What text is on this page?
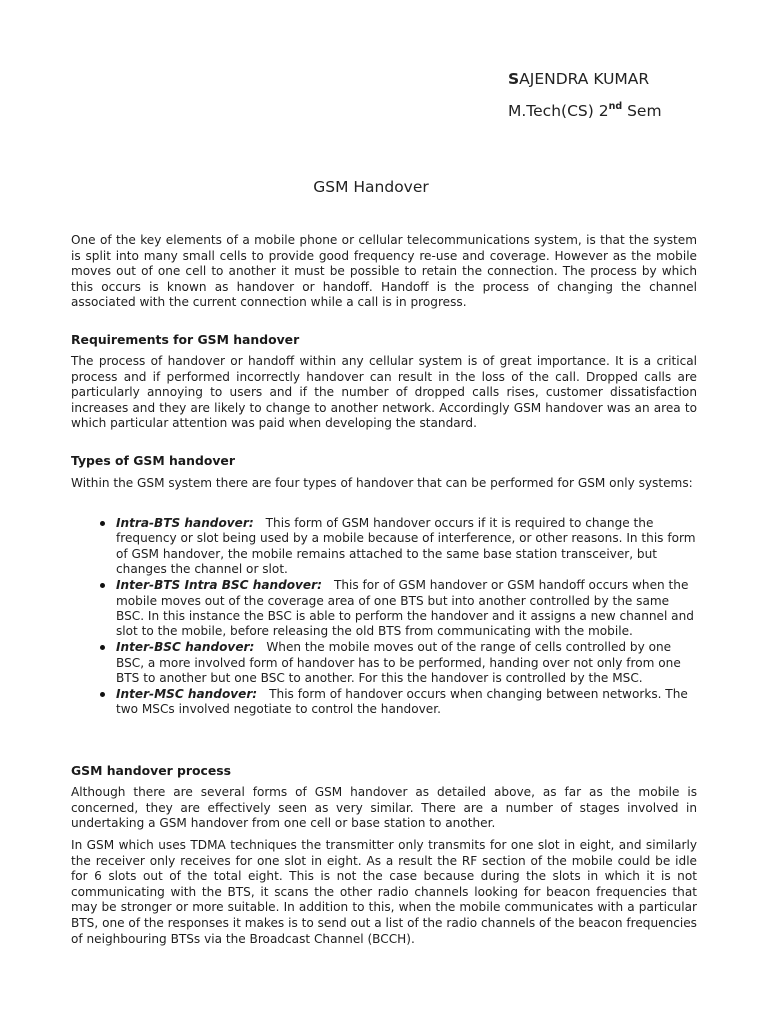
SAJENDRA KUMAR
M.Tech(CS) 2nd Sem
GSM Handover
One of the key elements of a mobile phone or cellular telecommunications system, is that the system is split into many small cells to provide good frequency re-use and coverage. However as the mobile moves out of one cell to another it must be possible to retain the connection. The process by which this occurs is known as handover or handoff. Handoff is the process of changing the channel associated with the current connection while a call is in progress.
Requirements for GSM handover
The process of handover or handoff within any cellular system is of great importance. It is a critical process and if performed incorrectly handover can result in the loss of the call. Dropped calls are particularly annoying to users and if the number of dropped calls rises, customer dissatisfaction increases and they are likely to change to another network. Accordingly GSM handover was an area to which particular attention was paid when developing the standard.
Types of GSM handover
Within the GSM system there are four types of handover that can be performed for GSM only systems:
Intra-BTS handover: This form of GSM handover occurs if it is required to change the frequency or slot being used by a mobile because of interference, or other reasons. In this form of GSM handover, the mobile remains attached to the same base station transceiver, but changes the channel or slot.
Inter-BTS Intra BSC handover: This for of GSM handover or GSM handoff occurs when the mobile moves out of the coverage area of one BTS but into another controlled by the same BSC. In this instance the BSC is able to perform the handover and it assigns a new channel and slot to the mobile, before releasing the old BTS from communicating with the mobile.
Inter-BSC handover: When the mobile moves out of the range of cells controlled by one BSC, a more involved form of handover has to be performed, handing over not only from one BTS to another but one BSC to another. For this the handover is controlled by the MSC.
Inter-MSC handover: This form of handover occurs when changing between networks. The two MSCs involved negotiate to control the handover.
GSM handover process
Although there are several forms of GSM handover as detailed above, as far as the mobile is concerned, they are effectively seen as very similar. There are a number of stages involved in undertaking a GSM handover from one cell or base station to another.
In GSM which uses TDMA techniques the transmitter only transmits for one slot in eight, and similarly the receiver only receives for one slot in eight. As a result the RF section of the mobile could be idle for 6 slots out of the total eight. This is not the case because during the slots in which it is not communicating with the BTS, it scans the other radio channels looking for beacon frequencies that may be stronger or more suitable. In addition to this, when the mobile communicates with a particular BTS, one of the responses it makes is to send out a list of the radio channels of the beacon frequencies of neighbouring BTSs via the Broadcast Channel (BCCH).
